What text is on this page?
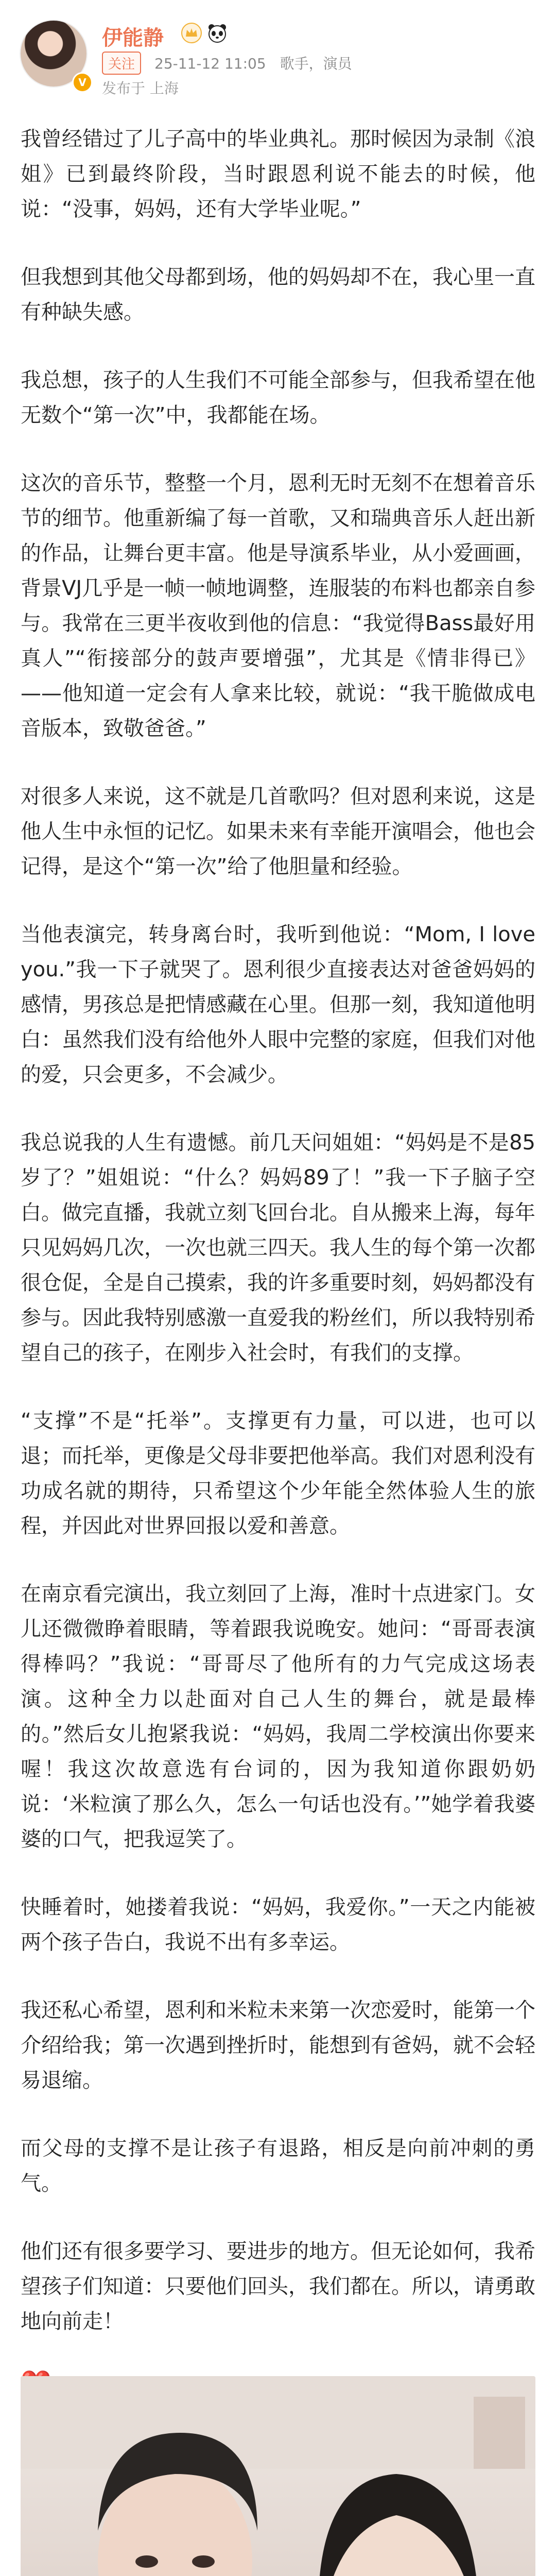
V
伊能静
关注	25-11-12 11:05 歌手，演员
发布于 上海

我曾经错过了儿子高中的毕业典礼。那时候因为录制《浪姐》已到最终阶段，当时跟恩利说不能去的时候，他说：“没事，妈妈，还有大学毕业呢。”

但我想到其他父母都到场，他的妈妈却不在，我心里一直有种缺失感。

我总想，孩子的人生我们不可能全部参与，但我希望在他无数个“第一次”中，我都能在场。

这次的音乐节，整整一个月，恩利无时无刻不在想着音乐节的细节。他重新编了每一首歌，又和瑞典音乐人赶出新的作品，让舞台更丰富。他是导演系毕业，从小爱画画，背景VJ几乎是一帧一帧地调整，连服装的布料也都亲自参与。我常在三更半夜收到他的信息：“我觉得Bass最好用真人”“衔接部分的鼓声要增强”，尤其是《情非得已》——他知道一定会有人拿来比较，就说：“我干脆做成电音版本，致敬爸爸。”

对很多人来说，这不就是几首歌吗？但对恩利来说，这是他人生中永恒的记忆。如果未来有幸能开演唱会，他也会记得，是这个“第一次”给了他胆量和经验。

当他表演完，转身离台时，我听到他说：“Mom, I love you.”我一下子就哭了。恩利很少直接表达对爸爸妈妈的感情，男孩总是把情感藏在心里。但那一刻，我知道他明白：虽然我们没有给他外人眼中完整的家庭，但我们对他的爱，只会更多，不会减少。

我总说我的人生有遗憾。前几天问姐姐：“妈妈是不是85岁了？”姐姐说：“什么？妈妈89了！”我一下子脑子空白。做完直播，我就立刻飞回台北。自从搬来上海，每年只见妈妈几次，一次也就三四天。我人生的每个第一次都很仓促，全是自己摸索，我的许多重要时刻，妈妈都没有参与。因此我特别感激一直爱我的粉丝们，所以我特别希望自己的孩子，在刚步入社会时，有我们的支撑。

“支撑”不是“托举”。支撑更有力量，可以进，也可以退；而托举，更像是父母非要把他举高。我们对恩利没有功成名就的期待，只希望这个少年能全然体验人生的旅程，并因此对世界回报以爱和善意。

在南京看完演出，我立刻回了上海，准时十点进家门。女儿还微微睁着眼睛，等着跟我说晚安。她问：“哥哥表演得棒吗？”我说：“哥哥尽了他所有的力气完成这场表演。这种全力以赴面对自己人生的舞台，就是最棒的。”然后女儿抱紧我说：“妈妈，我周二学校演出你要来喔！我这次故意选有台词的，因为我知道你跟奶奶说：‘米粒演了那么久，怎么一句话也没有。’”她学着我婆婆的口气，把我逗笑了。

快睡着时，她搂着我说：“妈妈，我爱你。”一天之内能被两个孩子告白，我说不出有多幸运。

我还私心希望，恩利和米粒未来第一次恋爱时，能第一个介绍给我；第一次遇到挫折时，能想到有爸妈，就不会轻易退缩。

而父母的支撑不是让孩子有退路，相反是向前冲刺的勇气。

他们还有很多要学习、要进步的地方。但无论如何，我希望孩子们知道：只要他们回头，我们都在。所以，请勇敢地向前走！
